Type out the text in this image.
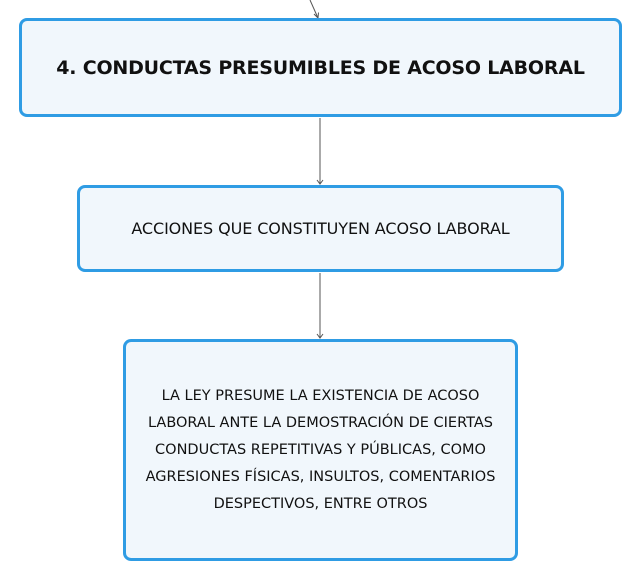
4. CONDUCTAS PRESUMIBLES DE ACOSO LABORAL
ACCIONES QUE CONSTITUYEN ACOSO LABORAL
LA LEY PRESUME LA EXISTENCIA DE ACOSO LABORAL ANTE LA DEMOSTRACIÓN DE CIERTAS CONDUCTAS REPETITIVAS Y PÚBLICAS, COMO AGRESIONES FÍSICAS, INSULTOS, COMENTARIOS DESPECTIVOS, ENTRE OTROS
